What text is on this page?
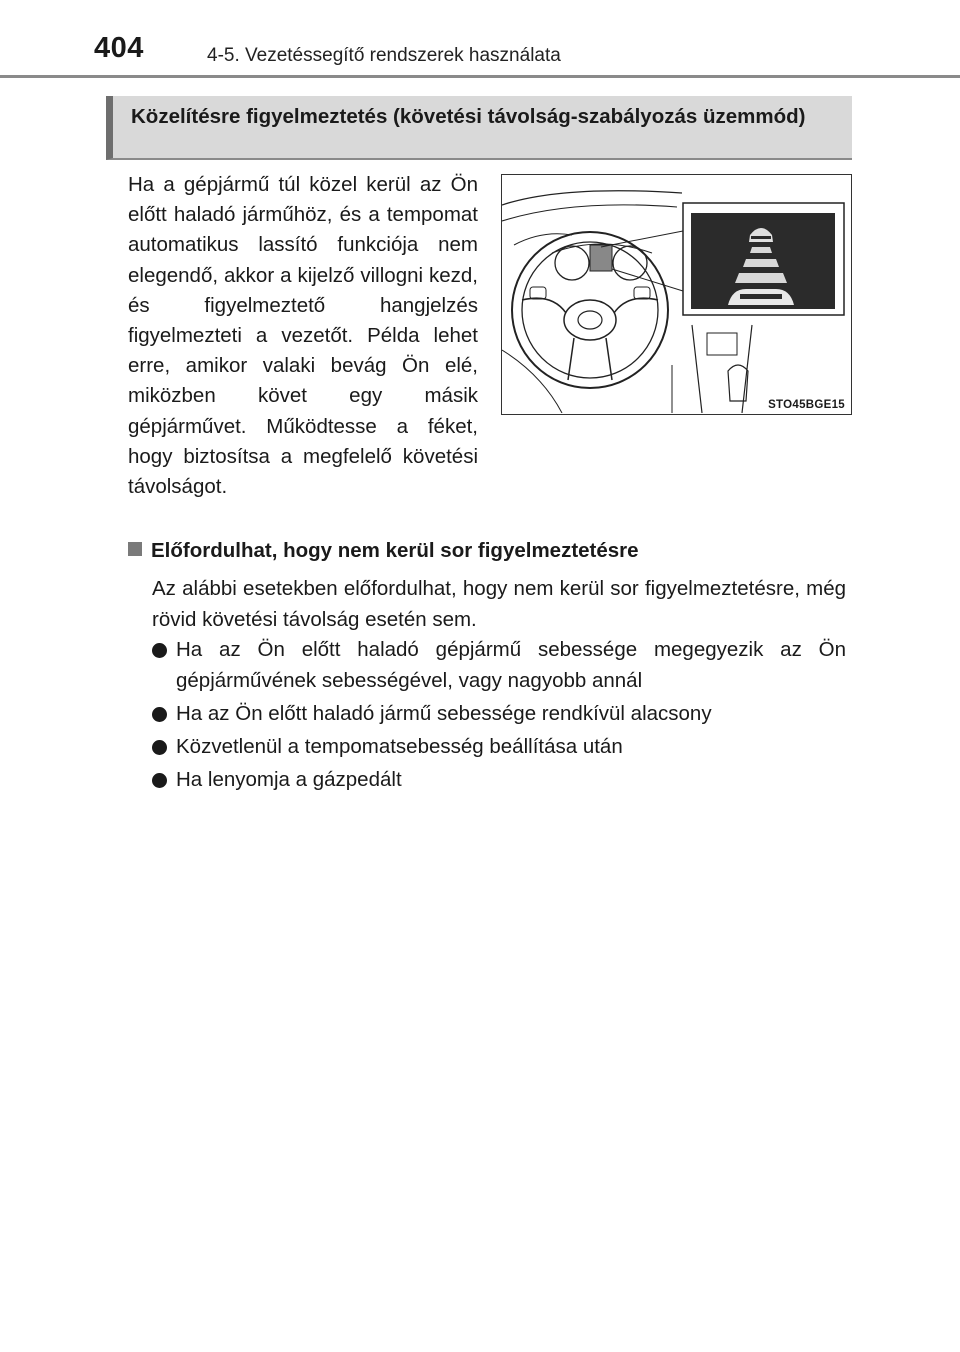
404	4-5. Vezetéssegítő rendszerek használata
Közelítésre figyelmeztetés (követési távolság-szabályozás üzemmód)
Ha a gépjármű túl közel kerül az Ön előtt haladó járműhöz, és a tempomat automatikus lassító funkciója nem elegendő, akkor a kijelző villogni kezd, és figyelmeztető hangjelzés figyelmezteti a vezetőt. Példa lehet erre, amikor valaki bevág Ön elé, miközben követ egy másik gépjárművet. Működtesse a féket, hogy biztosítsa a megfelelő követési távolságot.
STO45BGE15
Előfordulhat, hogy nem kerül sor figyelmeztetésre
Az alábbi esetekben előfordulhat, hogy nem kerül sor figyelmeztetésre, még rövid követési távolság esetén sem.
Ha az Ön előtt haladó gépjármű sebessége megegyezik az Ön gépjárművének sebességével, vagy nagyobb annál
Ha az Ön előtt haladó jármű sebessége rendkívül alacsony
Közvetlenül a tempomatsebesség beállítása után
Ha lenyomja a gázpedált
